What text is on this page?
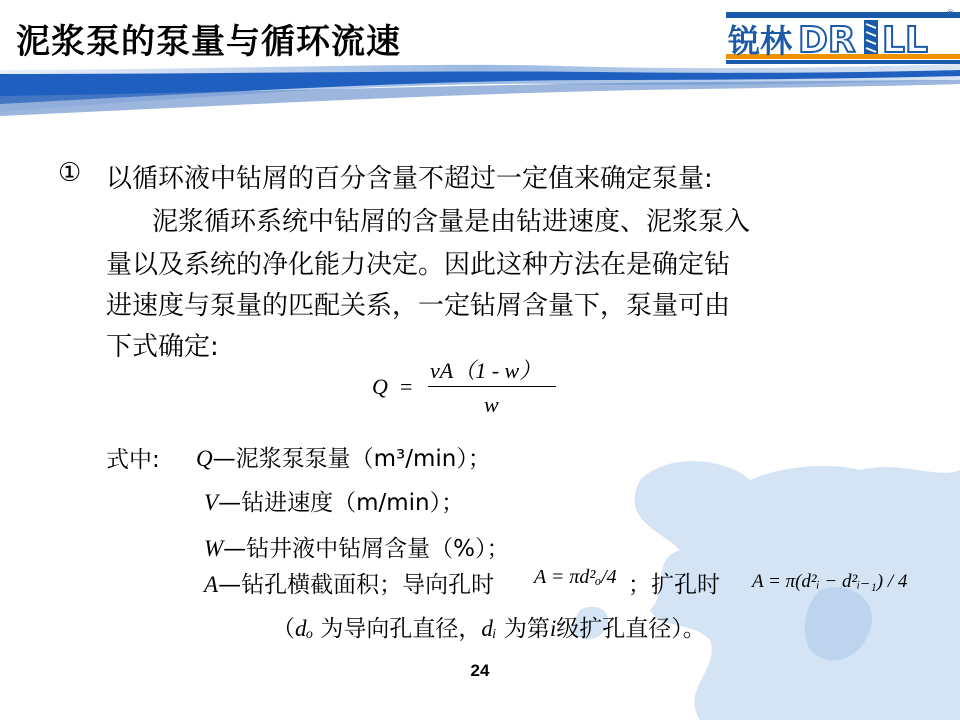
泥浆泵的泵量与循环流速	锐林 DR LL
®
① 以循环液中钻屑的百分含量不超过一定值来确定泵量:
泥浆循环系统中钻屑的含量是由钻进速度、泥浆泵入
量以及系统的净化能力决定。因此这种方法在是确定钻
进速度与泵量的匹配关系，一定钻屑含量下，泵量可由
下式确定:
Q =
vA（1 - w）
w
式中: Q—泥浆泵泵量（m³/min）；
V—钻进速度（m/min）；
W—钻井液中钻屑含量（%）；
A—钻孔横截面积；导向孔时 A = πd²ₒ/4 ；扩孔时 A = π(d²ᵢ − d²ᵢ₋₁) / 4
（dₒ 为导向孔直径，dᵢ 为第i级扩孔直径）。
24
